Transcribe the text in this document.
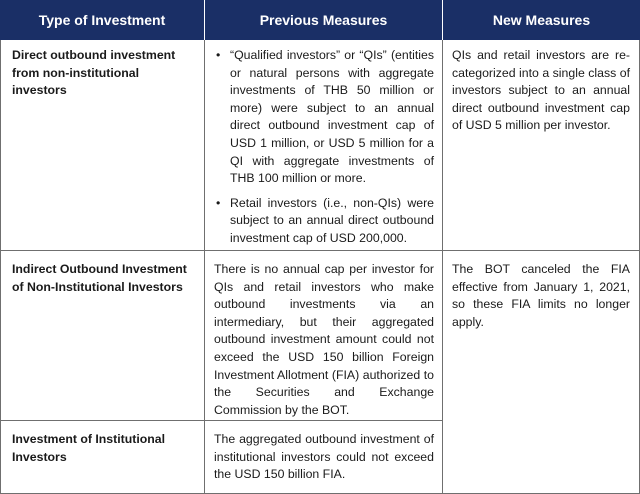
Type of Investment	Previous Measures	New Measures
Direct outbound investment from non-institutional investors
• “Qualified investors” or “QIs” (entities or natural persons with aggregate investments of THB 50 million or more) were subject to an annual direct outbound investment cap of USD 1 million, or USD 5 million for a QI with aggregate investments of THB 100 million or more.
• Retail investors (i.e., non-QIs) were subject to an annual direct outbound investment cap of USD 200,000.
QIs and retail investors are re-categorized into a single class of investors subject to an annual direct outbound investment cap of USD 5 million per investor.
Indirect Outbound Investment of Non-Institutional Investors
There is no annual cap per investor for QIs and retail investors who make outbound investments via an intermediary, but their aggregated outbound investment amount could not exceed the USD 150 billion Foreign Investment Allotment (FIA) authorized to the Securities and Exchange Commission by the BOT.
The BOT canceled the FIA effective from January 1, 2021, so these FIA limits no longer apply.
Investment of Institutional Investors
The aggregated outbound investment of institutional investors could not exceed the USD 150 billion FIA.
